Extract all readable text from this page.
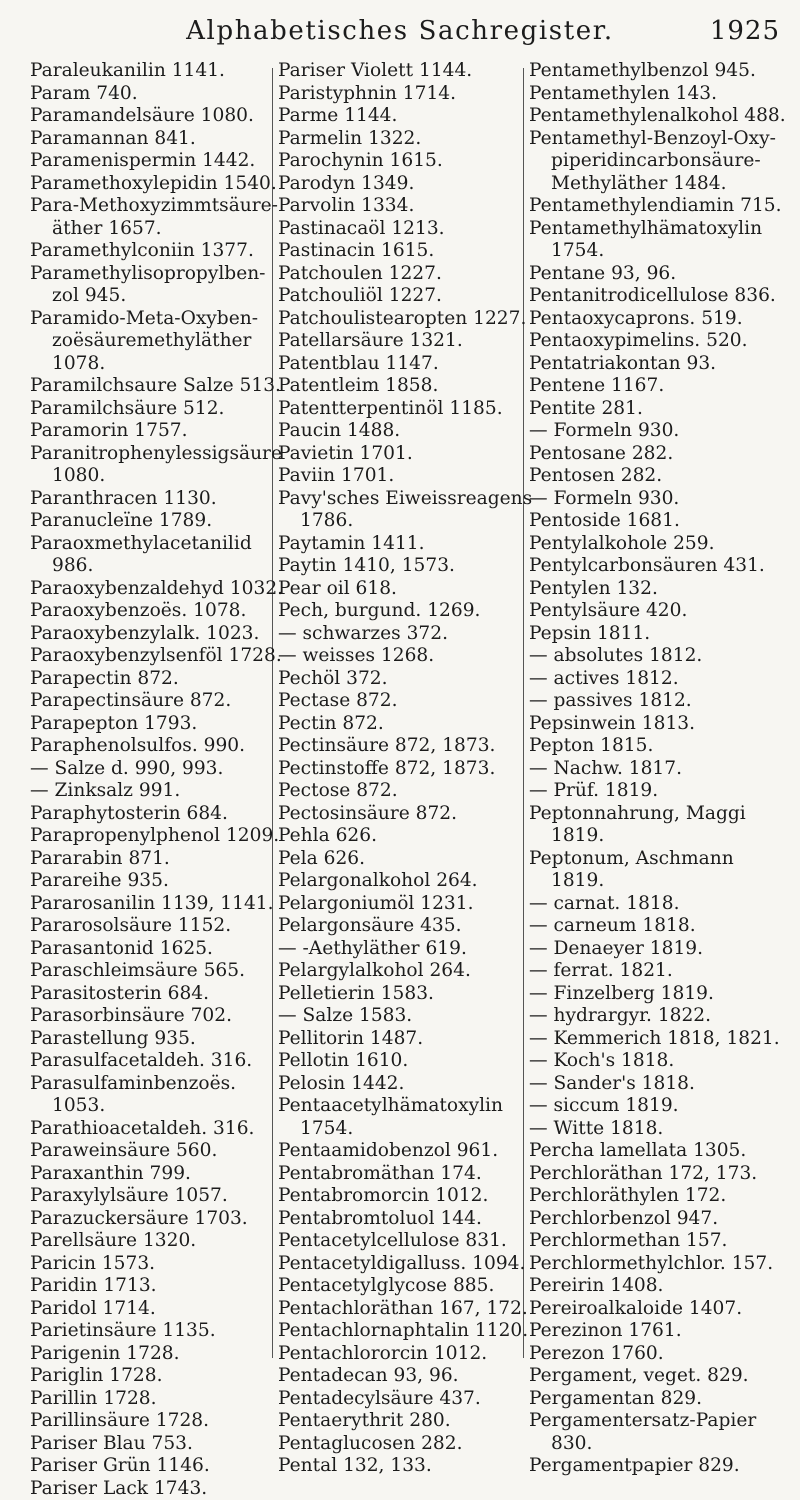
Alphabetisches Sachregister.	1925
Paraleukanilin 1141.
Param 740.
Paramandelsäure 1080.
Paramannan 841.
Paramenispermin 1442.
Paramethoxylepidin 1540.
Para-Methoxyzimmtsäure-äther 1657.
Paramethylconiin 1377.
Paramethylisopropylben-zol 945.
Paramido-Meta-Oxyben-zoësäuremethyläther 1078.
Paramilchsaure Salze 513.
Paramilchsäure 512.
Paramorin 1757.
Paranitrophenylessigsäure 1080.
Paranthracen 1130.
Paranucleïne 1789.
Paraoxmethylacetanilid 986.
Paraoxybenzaldehyd 1032.
Paraoxybenzoës. 1078.
Paraoxybenzylalk. 1023.
Paraoxybenzylsenföl 1728.
Parapectin 872.
Parapectinsäure 872.
Parapepton 1793.
Paraphenolsulfos. 990.
— Salze d. 990, 993.
— Zinksalz 991.
Paraphytosterin 684.
Parapropenylphenol 1209.
Pararabin 871.
Parareihe 935.
Pararosanilin 1139, 1141.
Pararosolsäure 1152.
Parasantonid 1625.
Paraschleimsäure 565.
Parasitosterin 684.
Parasorbinsäure 702.
Parastellung 935.
Parasulfacetaldeh. 316.
Parasulfaminbenzoës. 1053.
Parathioacetaldeh. 316.
Paraweinsäure 560.
Paraxanthin 799.
Paraxylylsäure 1057.
Parazuckersäure 1703.
Parellsäure 1320.
Paricin 1573.
Paridin 1713.
Paridol 1714.
Parietinsäure 1135.
Parigenin 1728.
Pariglin 1728.
Parillin 1728.
Parillinsäure 1728.
Pariser Blau 753.
Pariser Grün 1146.
Pariser Lack 1743.
Pariser Violett 1144.
Paristyphnin 1714.
Parme 1144.
Parmelin 1322.
Parochynin 1615.
Parodyn 1349.
Parvolin 1334.
Pastinacaöl 1213.
Pastinacin 1615.
Patchoulen 1227.
Patchouliöl 1227.
Patchoulistearopten 1227.
Patellarsäure 1321.
Patentblau 1147.
Patentleim 1858.
Patentterpentinöl 1185.
Paucin 1488.
Pavietin 1701.
Paviin 1701.
Pavy'sches Eiweissreagens 1786.
Paytamin 1411.
Paytin 1410, 1573.
Pear oil 618.
Pech, burgund. 1269.
— schwarzes 372.
— weisses 1268.
Pechöl 372.
Pectase 872.
Pectin 872.
Pectinsäure 872, 1873.
Pectinstoffe 872, 1873.
Pectose 872.
Pectosinsäure 872.
Pehla 626.
Pela 626.
Pelargonalkohol 264.
Pelargoniumöl 1231.
Pelargonsäure 435.
— -Aethyläther 619.
Pelargylalkohol 264.
Pelletierin 1583.
— Salze 1583.
Pellitorin 1487.
Pellotin 1610.
Pelosin 1442.
Pentaacetylhämatoxylin 1754.
Pentaamidobenzol 961.
Pentabromäthan 174.
Pentabromorcin 1012.
Pentabromtoluol 144.
Pentacetylcellulose 831.
Pentacetyldigalluss. 1094.
Pentacetylglycose 885.
Pentachloräthan 167, 172.
Pentachlornaphtalin 1120.
Pentachlororcin 1012.
Pentadecan 93, 96.
Pentadecylsäure 437.
Pentaerythrit 280.
Pentaglucosen 282.
Pental 132, 133.
Pentamethylbenzol 945.
Pentamethylen 143.
Pentamethylenalkohol 488.
Pentamethyl-Benzoyl-Oxy-piperidincarbonsäure-Methyläther 1484.
Pentamethylendiamin 715.
Pentamethylhämatoxylin 1754.
Pentane 93, 96.
Pentanitrodicellulose 836.
Pentaoxycaprons. 519.
Pentaoxypimelins. 520.
Pentatriakontan 93.
Pentene 1167.
Pentite 281.
— Formeln 930.
Pentosane 282.
Pentosen 282.
— Formeln 930.
Pentoside 1681.
Pentylalkohole 259.
Pentylcarbonsäuren 431.
Pentylen 132.
Pentylsäure 420.
Pepsin 1811.
— absolutes 1812.
— actives 1812.
— passives 1812.
Pepsinwein 1813.
Pepton 1815.
— Nachw. 1817.
— Prüf. 1819.
Peptonnahrung, Maggi 1819.
Peptonum, Aschmann 1819.
— carnat. 1818.
— carneum 1818.
— Denaeyer 1819.
— ferrat. 1821.
— Finzelberg 1819.
— hydrargyr. 1822.
— Kemmerich 1818, 1821.
— Koch's 1818.
— Sander's 1818.
— siccum 1819.
— Witte 1818.
Percha lamellata 1305.
Perchloräthan 172, 173.
Perchloräthylen 172.
Perchlorbenzol 947.
Perchlormethan 157.
Perchlormethylchlor. 157.
Pereirin 1408.
Pereiroalkaloide 1407.
Perezinon 1761.
Perezon 1760.
Pergament, veget. 829.
Pergamentan 829.
Pergamentersatz-Papier 830.
Pergamentpapier 829.
